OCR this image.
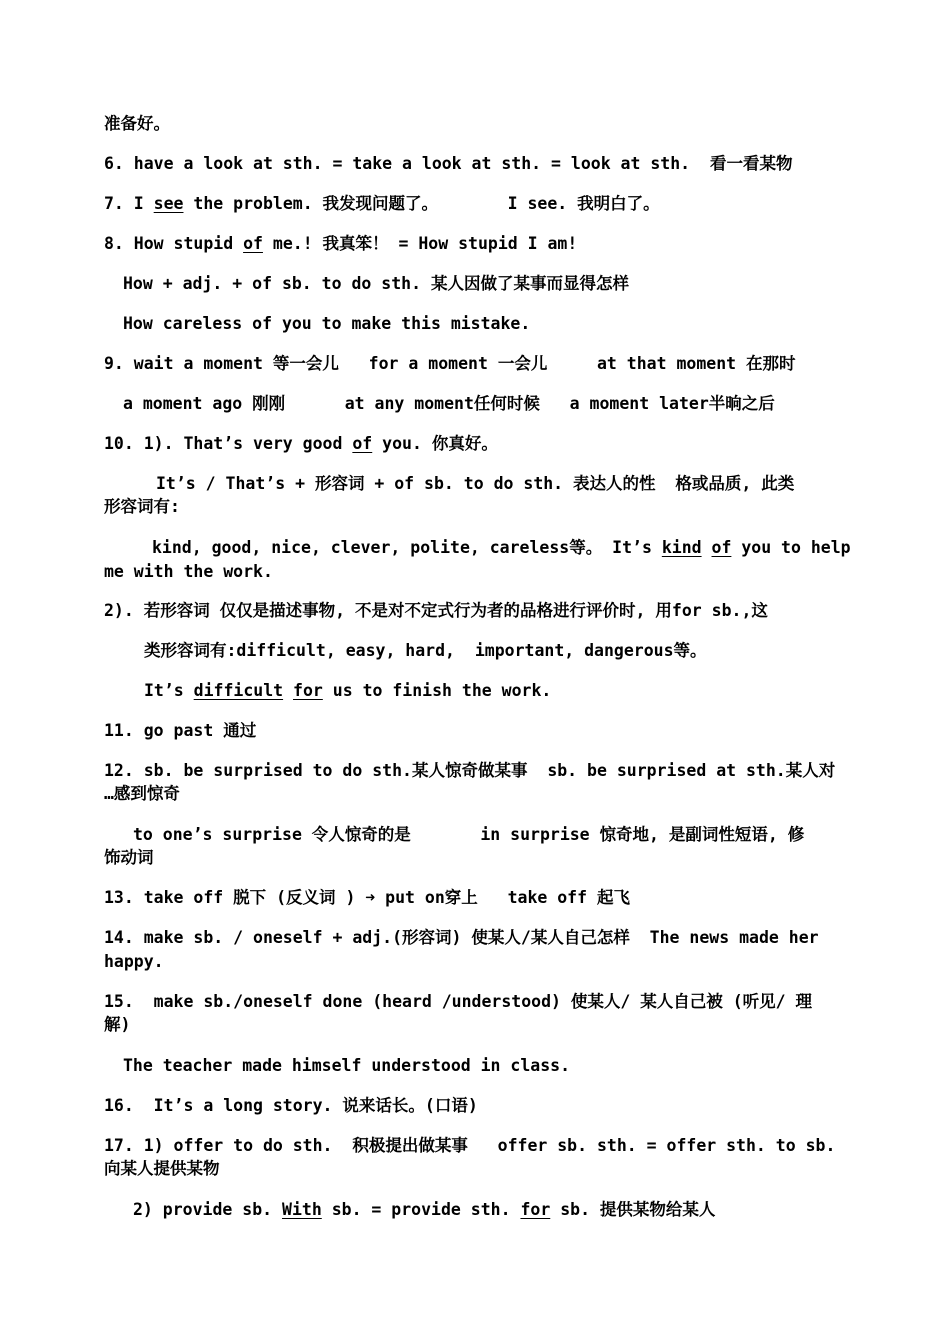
准备好。
6. have a look at sth. = take a look at sth. = look at sth.  看一看某物
7. I see the problem. 我发现问题了。       I see. 我明白了。
8. How stupid of me.! 我真笨！ = How stupid I am!
How + adj. + of sb. to do sth. 某人因做了某事而显得怎样
How careless of you to make this mistake.
9. wait a moment 等一会儿   for a moment 一会儿     at that moment 在那时
a moment ago 刚刚      at any moment任何时候   a moment later半晌之后
10. 1). That’s very good of you. 你真好。
It’s / That’s + 形容词 + of sb. to do sth. 表达人的性  格或品质, 此类
形容词有:
kind, good, nice, clever, polite, careless等。 It’s kind of you to help
me with the work.
2). 若形容词 仅仅是描述事物, 不是对不定式行为者的品格进行评价时, 用for sb.,这
类形容词有:difficult, easy, hard,  important, dangerous等。
It’s difficult for us to finish the work.
11. go past 通过
12. sb. be surprised to do sth.某人惊奇做某事  sb. be surprised at sth.某人对
…感到惊奇
to one’s surprise 令人惊奇的是       in surprise 惊奇地, 是副词性短语, 修
饰动词
13. take off 脱下 (反义词 ) ➜ put on穿上   take off 起飞
14. make sb. / oneself + adj.(形容词) 使某人/某人自己怎样  The news made her
happy.
15.  make sb./oneself done (heard /understood) 使某人/ 某人自己被 (听见/ 理
解)
The teacher made himself understood in class.
16.  It’s a long story. 说来话长。(口语)
17. 1) offer to do sth.  积极提出做某事   offer sb. sth. = offer sth. to sb.
向某人提供某物
2) provide sb. With sb. = provide sth. for sb. 提供某物给某人
